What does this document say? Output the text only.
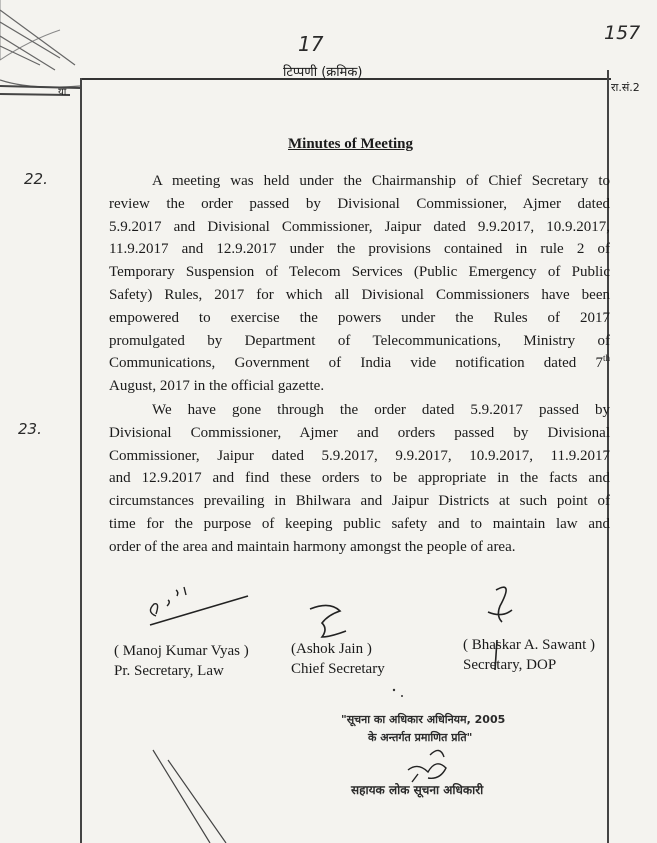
17	157
टिप्पणी (क्रमिक)
रा.सं.2
या
22.
23.
Minutes of Meeting
A meeting was held under the Chairmanship of Chief Secretary to
review the order passed by Divisional Commissioner, Ajmer dated
5.9.2017 and Divisional Commissioner, Jaipur dated 9.9.2017, 10.9.2017,
11.9.2017 and 12.9.2017 under the provisions contained in rule 2 of
Temporary Suspension of Telecom Services (Public Emergency of Public
Safety) Rules, 2017 for which all Divisional Commissioners have been
empowered to exercise the powers under the Rules of 2017
promulgated by Department of Telecommunications, Ministry of
Communications, Government of India vide notification dated 7th
August, 2017 in the official gazette.
We have gone through the order dated 5.9.2017 passed by
Divisional Commissioner, Ajmer and orders passed by Divisional
Commissioner, Jaipur dated 5.9.2017, 9.9.2017, 10.9.2017, 11.9.2017
and 12.9.2017 and find these orders to be appropriate in the facts and
circumstances prevailing in Bhilwara and Jaipur Districts at such point of
time for the purpose of keeping public safety and to maintain law and
order of the area and maintain harmony amongst the people of area.
( Manoj Kumar Vyas )
Pr. Secretary, Law
(Ashok Jain )
Chief Secretary
( Bhaskar A. Sawant )
Secretary, DOP
"सूचना का अधिकार अधिनियम, 2005
के अन्तर्गत प्रमाणित प्रति"
सहायक लोक सूचना अधिकारी
